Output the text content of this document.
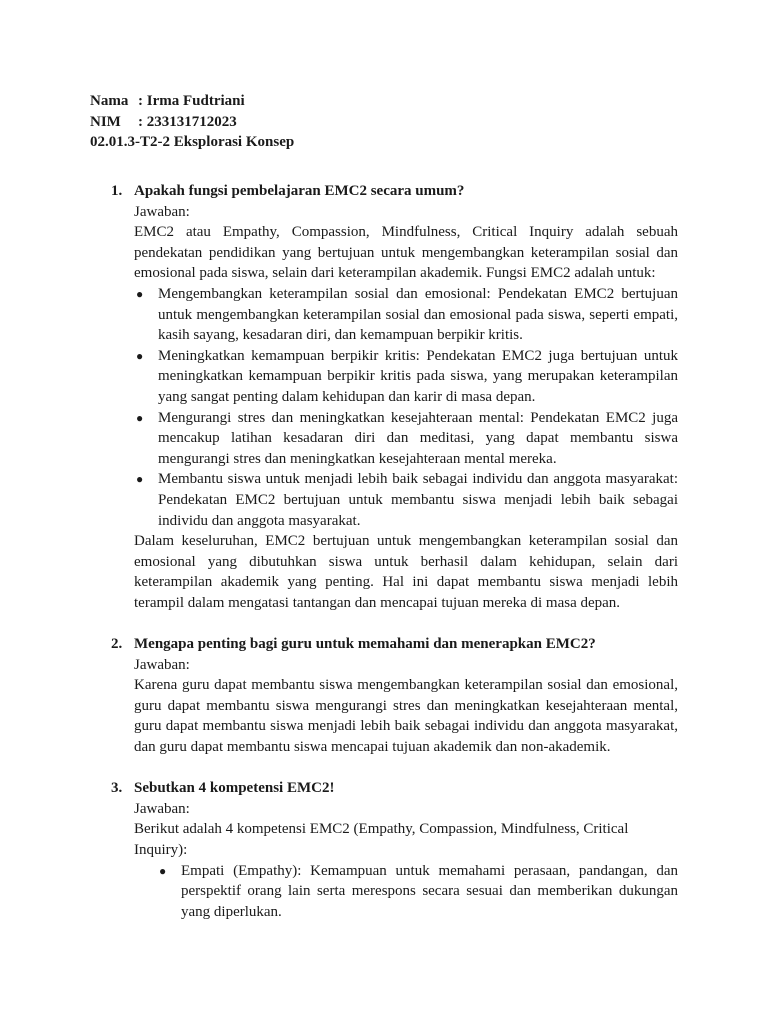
Nama : Irma Fudtriani
NIM	: 233131712023
02.01.3-T2-2 Eksplorasi Konsep
1. Apakah fungsi pembelajaran EMC2 secara umum?
Jawaban:
EMC2 atau Empathy, Compassion, Mindfulness, Critical Inquiry adalah sebuah pendekatan pendidikan yang bertujuan untuk mengembangkan keterampilan sosial dan emosional pada siswa, selain dari keterampilan akademik. Fungsi EMC2 adalah untuk:
● Mengembangkan keterampilan sosial dan emosional: Pendekatan EMC2 bertujuan untuk mengembangkan keterampilan sosial dan emosional pada siswa, seperti empati, kasih sayang, kesadaran diri, dan kemampuan berpikir kritis.
● Meningkatkan kemampuan berpikir kritis: Pendekatan EMC2 juga bertujuan untuk meningkatkan kemampuan berpikir kritis pada siswa, yang merupakan keterampilan yang sangat penting dalam kehidupan dan karir di masa depan.
● Mengurangi stres dan meningkatkan kesejahteraan mental: Pendekatan EMC2 juga mencakup latihan kesadaran diri dan meditasi, yang dapat membantu siswa mengurangi stres dan meningkatkan kesejahteraan mental mereka.
● Membantu siswa untuk menjadi lebih baik sebagai individu dan anggota masyarakat: Pendekatan EMC2 bertujuan untuk membantu siswa menjadi lebih baik sebagai individu dan anggota masyarakat.
Dalam keseluruhan, EMC2 bertujuan untuk mengembangkan keterampilan sosial dan emosional yang dibutuhkan siswa untuk berhasil dalam kehidupan, selain dari keterampilan akademik yang penting. Hal ini dapat membantu siswa menjadi lebih terampil dalam mengatasi tantangan dan mencapai tujuan mereka di masa depan.
2. Mengapa penting bagi guru untuk memahami dan menerapkan EMC2?
Jawaban:
Karena guru dapat membantu siswa mengembangkan keterampilan sosial dan emosional, guru dapat membantu siswa mengurangi stres dan meningkatkan kesejahteraan mental, guru dapat membantu siswa menjadi lebih baik sebagai individu dan anggota masyarakat, dan guru dapat membantu siswa mencapai tujuan akademik dan non-akademik.
3. Sebutkan 4 kompetensi EMC2!
Jawaban:
Berikut adalah 4 kompetensi EMC2 (Empathy, Compassion, Mindfulness, Critical Inquiry):
● Empati (Empathy): Kemampuan untuk memahami perasaan, pandangan, dan perspektif orang lain serta merespons secara sesuai dan memberikan dukungan yang diperlukan.
